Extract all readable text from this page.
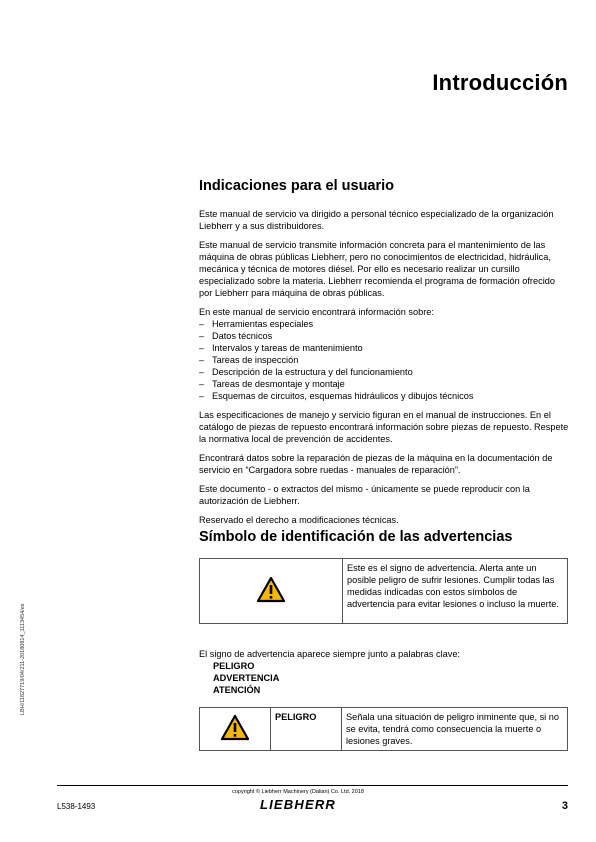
Introducción
Indicaciones para el usuario

Este manual de servicio va dirigido a personal técnico especializado de la organización Liebherr y a sus distribuidores.

Este manual de servicio transmite información concreta para el mantenimiento de las máquina de obras públicas Liebherr, pero no conocimientos de electricidad, hidráulica, mecánica y técnica de motores diésel. Por ello es necesario realizar un cursillo especializado sobre la materia. Liebherr recomienda el programa de formación ofrecido por Liebherr para máquina de obras públicas.

En este manual de servicio encontrará información sobre:

– Herramientas especiales
– Datos técnicos
– Intervalos y tareas de mantenimiento
– Tareas de inspección
– Descripción de la estructura y del funcionamiento
– Tareas de desmontaje y montaje
– Esquemas de circuitos, esquemas hidráulicos y dibujos técnicos

Las especificaciones de manejo y servicio figuran en el manual de instrucciones. En el catálogo de piezas de repuesto encontrará información sobre piezas de repuesto. Respete la normativa local de prevención de accidentes.

Encontrará datos sobre la reparación de piezas de la máquina en la documentación de servicio en “Cargadora sobre ruedas - manuales de reparación”.

Este documento - o extractos del mismo - únicamente se puede reproducir con la autorización de Liebherr.

Reservado el derecho a modificaciones técnicas.

Símbolo de identificación de las advertencias
	Este es el signo de advertencia. Alerta ante un posible peligro de sufrir lesiones. Cumplir todas las medidas indicadas con estos símbolos de advertencia para evitar lesiones o incluso la muerte.
El signo de advertencia aparece siempre junto a palabras clave:
PELIGRO
ADVERTENCIA
ATENCIÓN
	PELIGRO	Señala una situación de peligro inminente que, si no se evita, tendrá como consecuencia la muerte o lesiones graves.
LBH/11827719/04/211-20180814_1113454/es
copyright © Liebherr Machinery (Dalian) Co. Ltd. 2018
L538-1493	LIEBHERR	3
